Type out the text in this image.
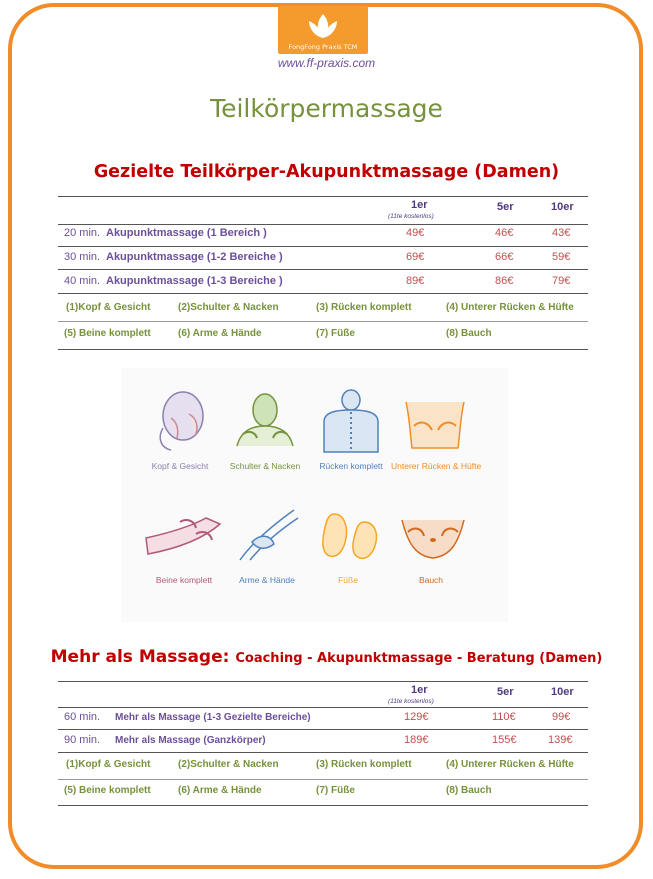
FongFong Praxis TCM
www.ff-praxis.com
Teilkörpermassage
Gezielte Teilkörper-Akupunktmassage (Damen)
1er
(11te kostenlos)
5er	10er
20 min. Akupunktmassage (1 Bereich )	49€	46€	43€
30 min. Akupunktmassage (1-2 Bereiche )	69€	66€	59€
40 min. Akupunktmassage (1-3 Bereiche )	89€	86€	79€
(1)Kopf & Gesicht	(2)Schulter & Nacken	(3) Rücken komplett	(4) Unterer Rücken & Hüfte
(5) Beine komplett	(6) Arme & Hände	(7) Füße	(8) Bauch
Kopf & Gesicht	Schulter & Nacken	Rücken komplett Unterer Rücken & Hüfte
Beine komplett	Arme & Hände	Füße	Bauch
Mehr als Massage: Coaching - Akupunktmassage - Beratung (Damen)
1er
(11te kostenlos)
5er	10er
60 min. Mehr als Massage (1-3 Gezielte Bereiche)	129€	110€	99€
90 min. Mehr als Massage (Ganzkörper)	189€	155€	139€
(1)Kopf & Gesicht	(2)Schulter & Nacken	(3) Rücken komplett	(4) Unterer Rücken & Hüfte
(5) Beine komplett	(6) Arme & Hände	(7) Füße	(8) Bauch
